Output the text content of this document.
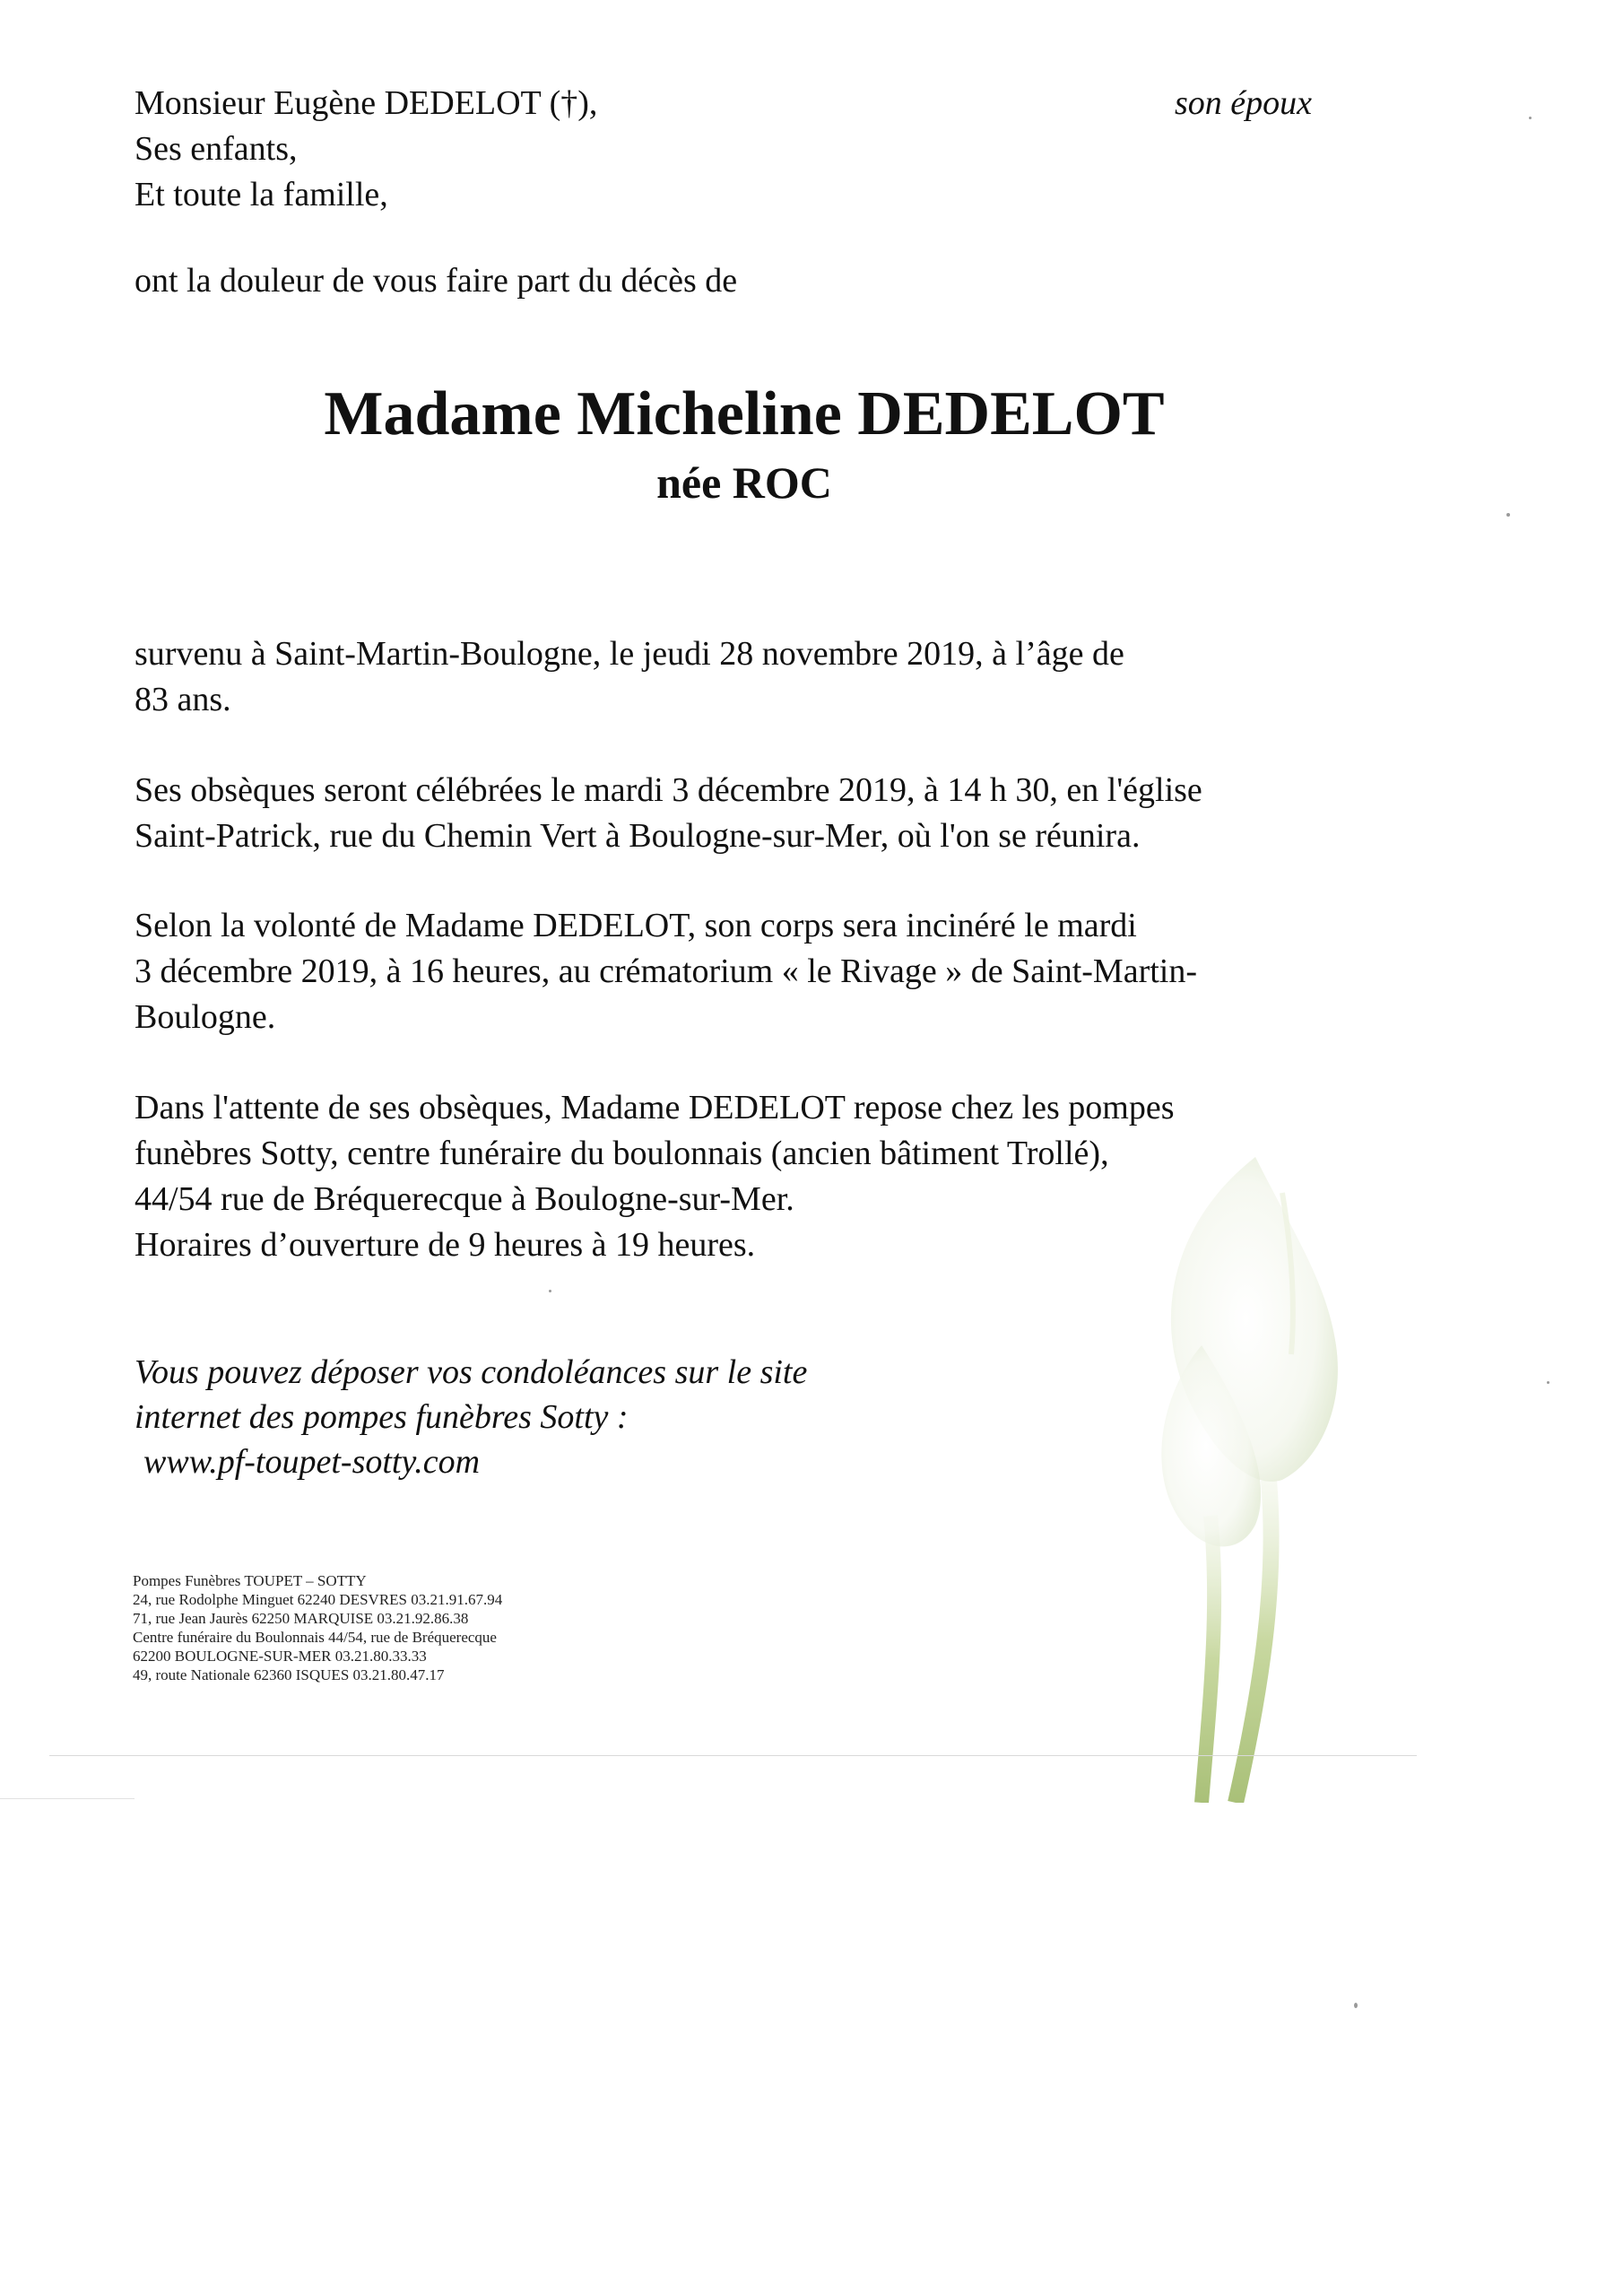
Monsieur Eugène DEDELOT (†),
Ses enfants,
Et toute la famille,
son époux
ont la douleur de vous faire part du décès de
Madame Micheline DEDELOT
née ROC
survenu à Saint-Martin-Boulogne, le jeudi 28 novembre 2019, à l’âge de
83 ans.
Ses obsèques seront célébrées le mardi 3 décembre 2019, à 14 h 30, en l'église
Saint-Patrick, rue du Chemin Vert à Boulogne-sur-Mer, où l'on se réunira.
Selon la volonté de Madame DEDELOT, son corps sera incinéré le mardi
3 décembre 2019, à 16 heures, au crématorium « le Rivage » de Saint-Martin-
Boulogne.
Dans l'attente de ses obsèques, Madame DEDELOT repose chez les pompes
funèbres Sotty, centre funéraire du boulonnais (ancien bâtiment Trollé),
44/54 rue de Bréquerecque à Boulogne-sur-Mer.
Horaires d’ouverture de 9 heures à 19 heures.
Vous pouvez déposer vos condoléances sur le site
internet des pompes funèbres Sotty :
www.pf-toupet-sotty.com
Pompes Funèbres TOUPET – SOTTY
24, rue Rodolphe Minguet 62240 DESVRES 03.21.91.67.94
71, rue Jean Jaurès 62250 MARQUISE 03.21.92.86.38
Centre funéraire du Boulonnais 44/54, rue de Bréquerecque
62200 BOULOGNE-SUR-MER 03.21.80.33.33
49, route Nationale 62360 ISQUES 03.21.80.47.17
